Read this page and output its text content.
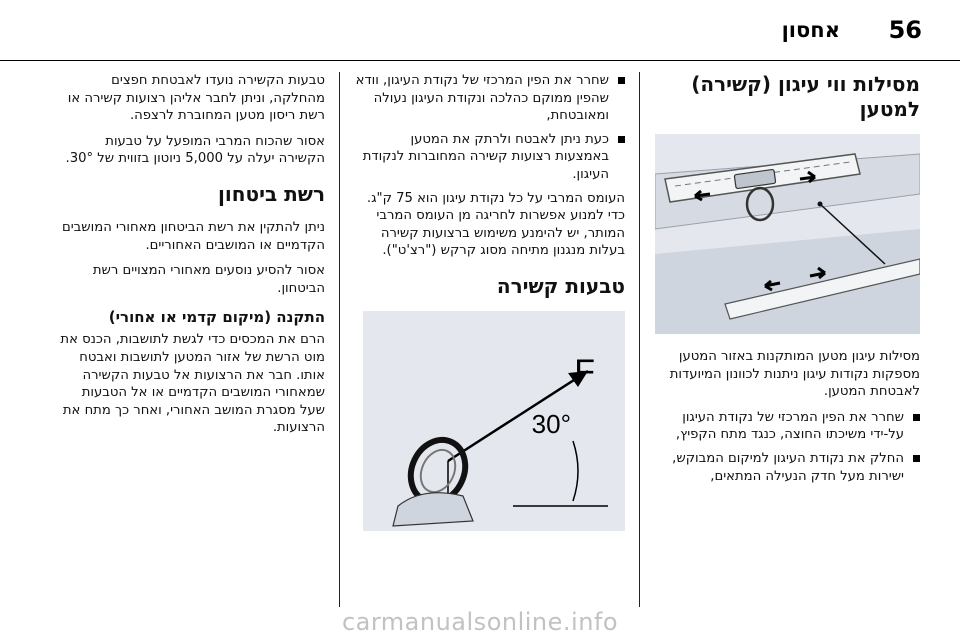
56
אחסון
מסילות ווי עיגון (קשירה) למטען
מסילות עיגון מטען המותקנות באזור המטען מספקות נקודות עיגון ניתנות לכוונון המיועדות לאבטחת המטען.
שחרר את הפין המרכזי של נקודת העיגון על-ידי משיכתו החוצה, כנגד מתח הקפיץ,
החלק את נקודת העיגון למיקום המבוקש, ישירות מעל חדק הנעילה המתאים,
שחרר את הפין המרכזי של נקודת העיגון, וודא שהפין ממוקם כהלכה ונקודת העיגון נעולה ומאובטחת,
כעת ניתן לאבטח ולרתק את המטען באמצעות רצועות קשירה המחוברות לנקודת העיגון.
העומס המרבי על כל נקודת עיגון הוא 75 ק"ג. כדי למנוע אפשרות לחריגה מן העומס המרבי המותר, יש להימנע משימוש ברצועות קשירה בעלות מנגנון מתיחה מסוג קרקש ("רצ'ט").
טבעות קשירה
F
30°
טבעות הקשירה נועדו לאבטחת חפצים מהחלקה, וניתן לחבר אליהן רצועות קשירה או רשת ריסון מטען המחוברת לרצפה.
אסור שהכוח המרבי המופעל על טבעות הקשירה יעלה על 5,000 ניוטון בזווית של 30°.
רשת ביטחון
ניתן להתקין את רשת הביטחון מאחורי המושבים הקדמיים או המושבים האחוריים.
אסור להסיע נוסעים מאחורי המצויים רשת הביטחון.
התקנה (מיקום קדמי או אחורי)
הרם את המכסים כדי לגשת לתושבות, הכנס את מוט הרשת של אזור המטען לתושבות ואבטח אותו. חבר את הרצועות אל טבעות הקשירה שמאחורי המושבים הקדמיים או אל הטבעות שעל מסגרת המושב האחורי, ואחר כך מתח את הרצועות.
carmanualsonline.info
